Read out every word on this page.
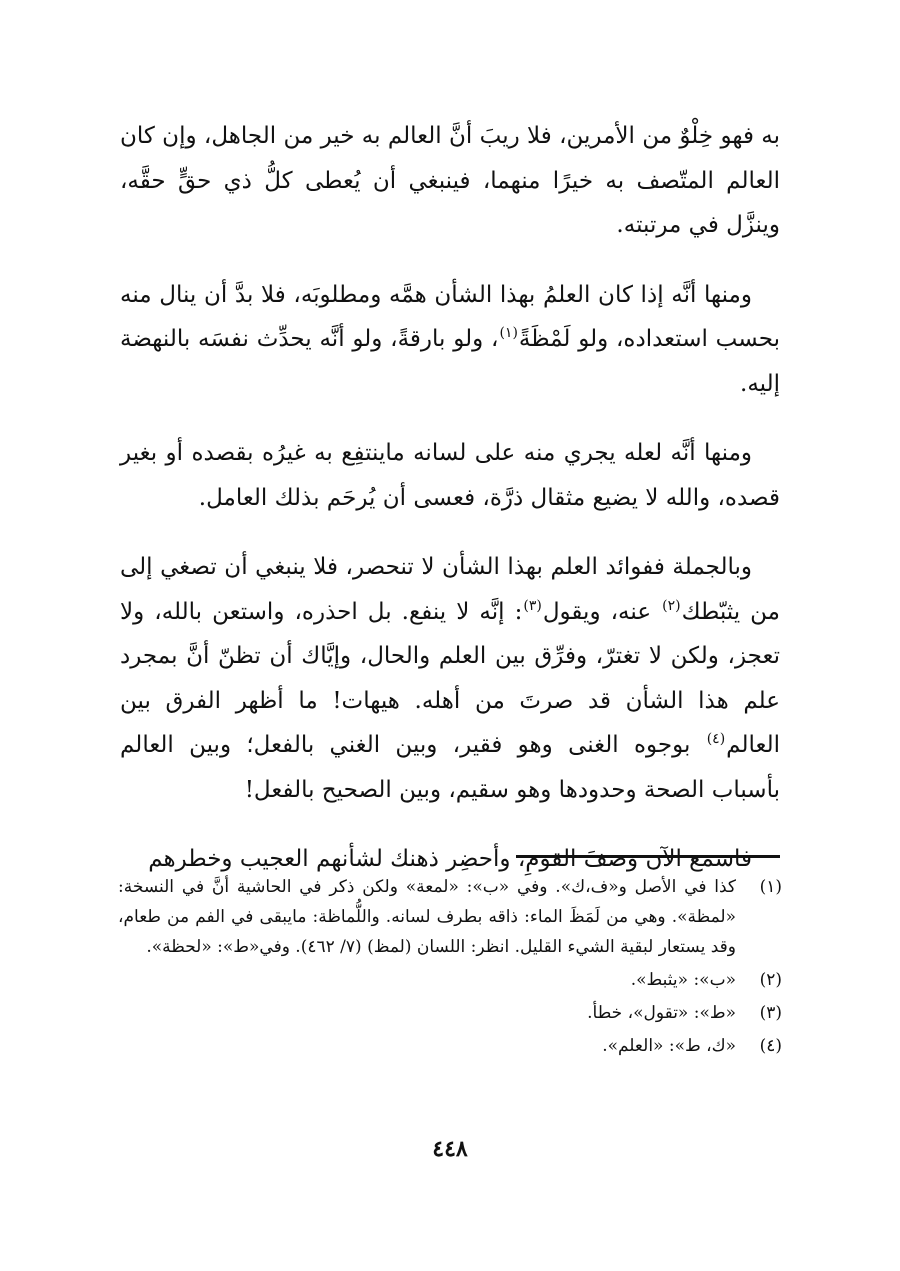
به فهو خِلْوٌ من الأمرين، فلا ريبَ أنَّ العالم به خير من الجاهل، وإن كان العالم المتّصف به خيرًا منهما، فينبغي أن يُعطى كلُّ ذي حقٍّ حقَّه، وينزَّل في مرتبته.

ومنها أنَّه إذا كان العلمُ بهذا الشأن همَّه ومطلوبَه، فلا بدَّ أن ينال منه بحسب استعداده، ولو لَمْظَةً$^{(١)}$، ولو بارقةً، ولو أنَّه يحدِّث نفسَه بالنهضة إليه.

ومنها أنَّه لعله يجري منه على لسانه ماينتفِع به غيرُه بقصده أو بغير قصده، والله لا يضيع مثقال ذرَّة، فعسى أن يُرحَم بذلك العامل.

وبالجملة ففوائد العلم بهذا الشأن لا تنحصر، فلا ينبغي أن تصغي إلى من يثبّطك$^{(٢)}$ عنه، ويقول$^{(٣)}$: إنَّه لا ينفع. بل احذره، واستعن بالله، ولا تعجز، ولكن لا تغترّ، وفرِّق بين العلم والحال، وإيَّاك أن تظنّ أنَّ بمجرد علم هذا الشأن قد صرتَ من أهله. هيهات! ما أظهر الفرق بين العالم$^{(٤)}$ بوجوه الغنى وهو فقير، وبين الغني بالفعل؛ وبين العالم بأسباب الصحة وحدودها وهو سقيم، وبين الصحيح بالفعل!

فاسمع الآن وصفَ القومِ، وأحضِر ذهنك لشأنهم العجيب وخطرهم

(١)
كذا في الأصل و«ف،ك». وفي «ب»: «لمعة» ولكن ذكر في الحاشية أنَّ في النسخة: «لمظة». وهي من لَمَظَ الماء: ذاقه بطرف لسانه. واللُّماظة: مايبقى في الفم من طعام، وقد يستعار لبقية الشيء القليل. انظر: اللسان (لمظ) (٧/ ٤٦٢). وفي«ط»: «لحظة».
(٢)
«ب»: «يثبط».
(٣)
«ط»: «تقول»، خطأ.
(٤)
«ك، ط»: «العلم».
٤٤٨
